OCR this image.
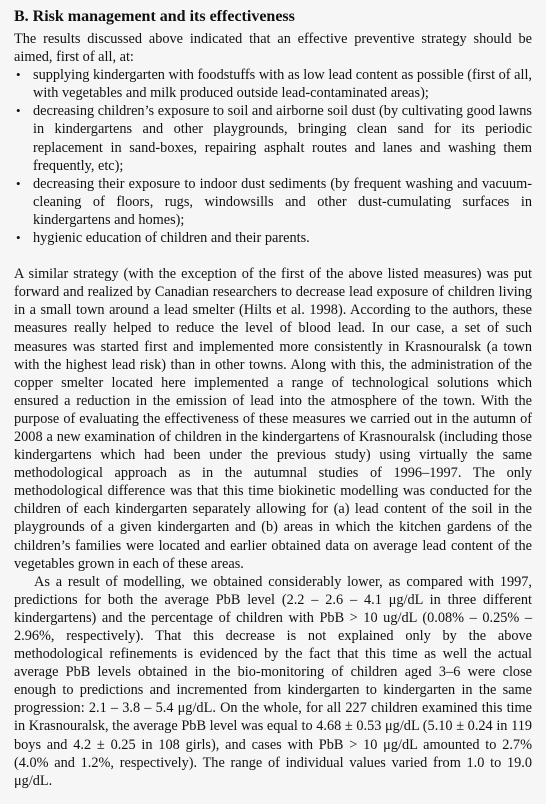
B. Risk management and its effectiveness

The results discussed above indicated that an effective preventive strategy should be aimed, first of all, at:

• supplying kindergarten with foodstuffs with as low lead content as possible (first of all, with vegetables and milk produced outside lead-contaminated areas);
• decreasing children’s exposure to soil and airborne soil dust (by cultivating good lawns in kindergartens and other playgrounds, bringing clean sand for its periodic replacement in sand-boxes, repairing asphalt routes and lanes and washing them frequently, etc);
• decreasing their exposure to indoor dust sediments (by frequent washing and vacuum-cleaning of floors, rugs, windowsills and other dust-cumulating surfaces in kindergartens and homes);
• hygienic education of children and their parents.

A similar strategy (with the exception of the first of the above listed measures) was put forward and realized by Canadian researchers to decrease lead exposure of children living in a small town around a lead smelter (Hilts et al. 1998). According to the authors, these measures really helped to reduce the level of blood lead. In our case, a set of such measures was started first and implemented more consistently in Krasnouralsk (a town with the highest lead risk) than in other towns. Along with this, the administration of the copper smelter located here implemented a range of technological solutions which ensured a reduction in the emission of lead into the atmosphere of the town. With the purpose of evaluating the effectiveness of these measures we carried out in the autumn of 2008 a new examination of children in the kindergartens of Krasnouralsk (including those kindergartens which had been under the previous study) using virtually the same methodological approach as in the autumnal studies of 1996–1997. The only methodological difference was that this time biokinetic modelling was conducted for the children of each kindergarten separately allowing for (a) lead content of the soil in the playgrounds of a given kindergarten and (b) areas in which the kitchen gardens of the children’s families were located and earlier obtained data on average lead content of the vegetables grown in each of these areas.

As a result of modelling, we obtained considerably lower, as compared with 1997, predictions for both the average PbB level (2.2 – 2.6 – 4.1 μg/dL in three different kindergartens) and the percentage of children with PbB > 10 ug/dL (0.08% – 0.25% – 2.96%, respectively). That this decrease is not explained only by the above methodological refinements is evidenced by the fact that this time as well the actual average PbB levels obtained in the bio-monitoring of children aged 3–6 were close enough to predictions and incremented from kindergarten to kindergarten in the same progression: 2.1 – 3.8 – 5.4 μg/dL. On the whole, for all 227 children examined this time in Krasnouralsk, the average PbB level was equal to 4.68 ± 0.53 μg/dL (5.10 ± 0.24 in 119 boys and 4.2 ± 0.25 in 108 girls), and cases with PbB > 10 μg/dL amounted to 2.7% (4.0% and 1.2%, respectively). The range of individual values varied from 1.0 to 19.0 μg/dL.
